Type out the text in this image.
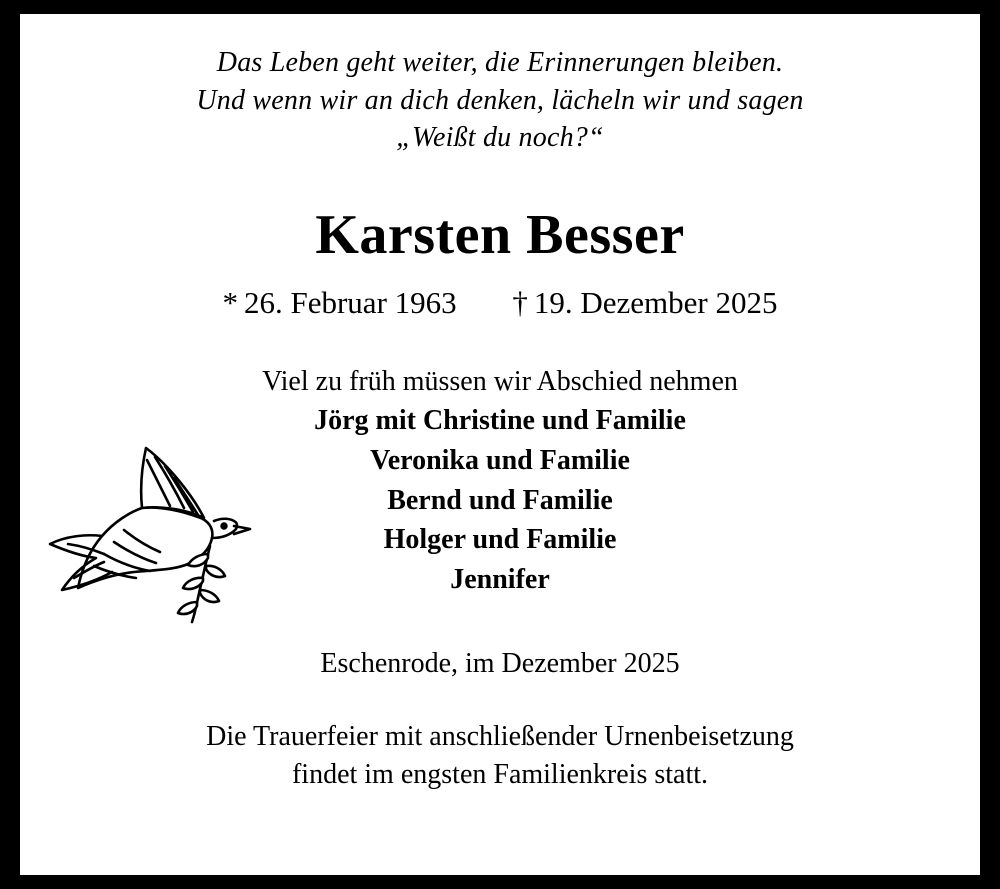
Das Leben geht weiter, die Erinnerungen bleiben.
Und wenn wir an dich denken, lächeln wir und sagen
„Weißt du noch?“
Karsten Besser
* 26. Februar 1963 † 19. Dezember 2025
Viel zu früh müssen wir Abschied nehmen
Jörg mit Christine und Familie
Veronika und Familie
Bernd und Familie
Holger und Familie
Jennifer
Eschenrode, im Dezember 2025
Die Trauerfeier mit anschließender Urnenbeisetzung
findet im engsten Familienkreis statt.
